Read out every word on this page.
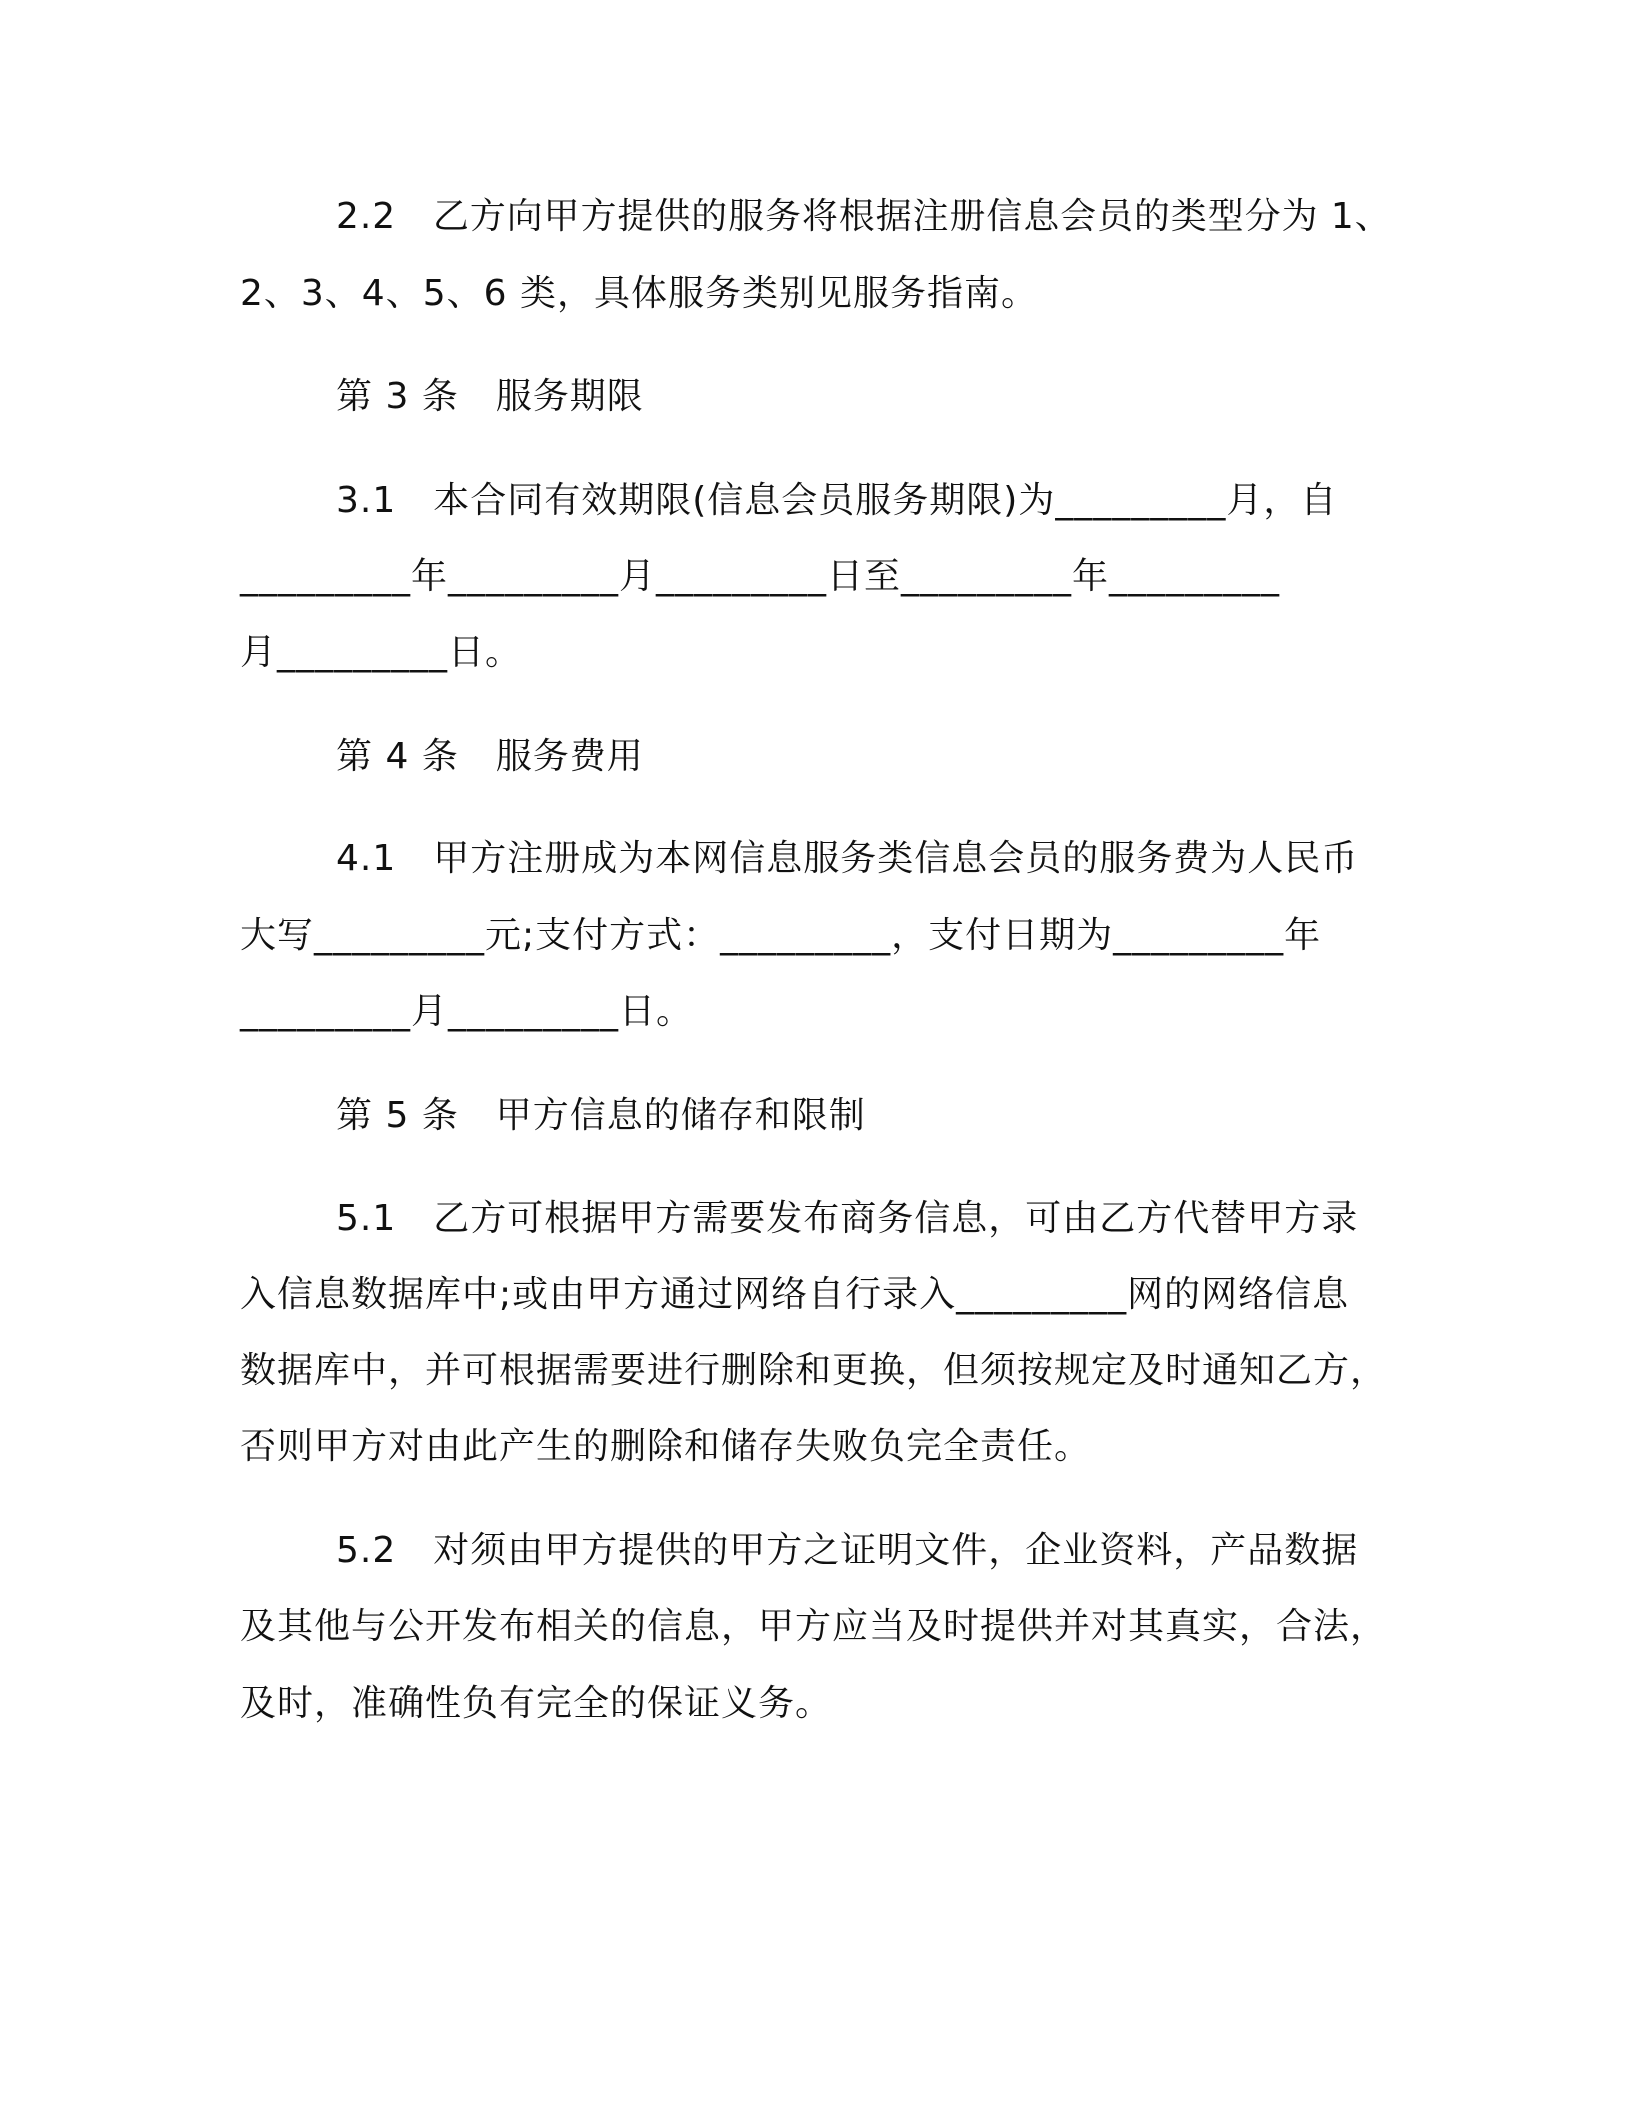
2.2　乙方向甲方提供的服务将根据注册信息会员的类型分为 1、
2、3、4、5、6 类，具体服务类别见服务指南。
第 3 条　服务期限
3.1　本合同有效期限(信息会员服务期限)为_________月，自
_________年_________月_________日至_________年_________
月_________日。
第 4 条　服务费用
4.1　甲方注册成为本网信息服务类信息会员的服务费为人民币
大写_________元;支付方式：_________，支付日期为_________年
_________月_________日。
第 5 条　甲方信息的储存和限制
5.1　乙方可根据甲方需要发布商务信息，可由乙方代替甲方录
入信息数据库中;或由甲方通过网络自行录入_________网的网络信息
数据库中，并可根据需要进行删除和更换，但须按规定及时通知乙方，
否则甲方对由此产生的删除和储存失败负完全责任。
5.2　对须由甲方提供的甲方之证明文件，企业资料，产品数据
及其他与公开发布相关的信息，甲方应当及时提供并对其真实，合法，
及时，准确性负有完全的保证义务。
